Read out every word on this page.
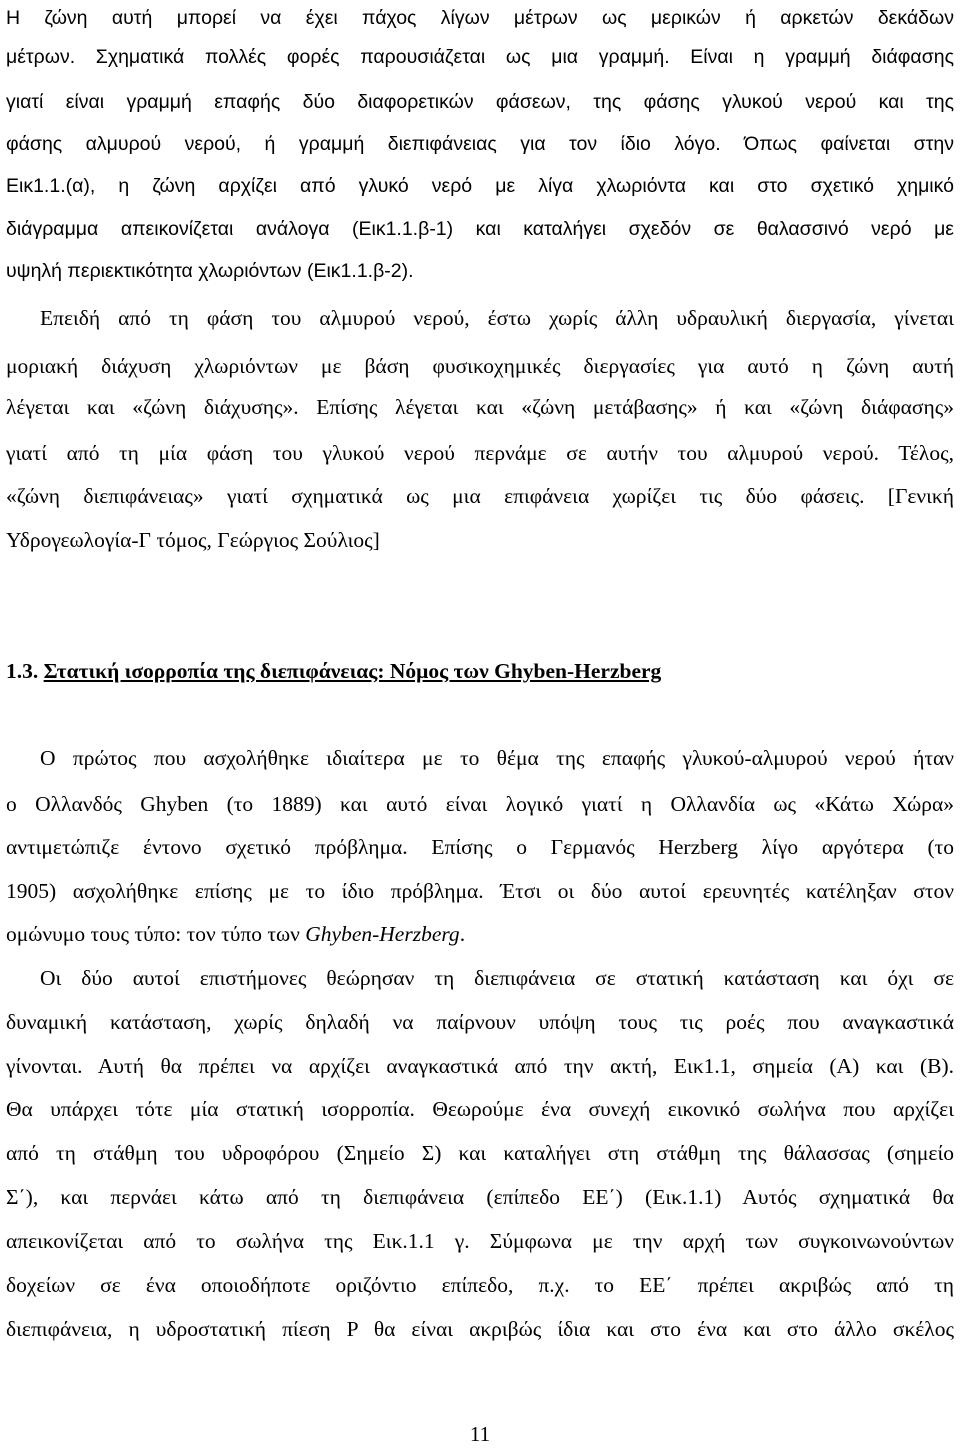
Η ζώνη αυτή μπορεί να έχει πάχος λίγων μέτρων ως μερικών ή αρκετών δεκάδων
μέτρων. Σχηματικά πολλές φορές παρουσιάζεται ως μια γραμμή. Είναι η γραμμή διάφασης
γιατί είναι γραμμή επαφής δύο διαφορετικών φάσεων, της φάσης γλυκού νερού και της
φάσης αλμυρού νερού, ή γραμμή διεπιφάνειας για τον ίδιο λόγο. Όπως φαίνεται στην
Εικ1.1.(α), η ζώνη αρχίζει από γλυκό νερό με λίγα χλωριόντα και στο σχετικό χημικό
διάγραμμα απεικονίζεται ανάλογα (Εικ1.1.β-1) και καταλήγει σχεδόν σε θαλασσινό νερό με
υψηλή περιεκτικότητα χλωριόντων (Εικ1.1.β-2).
Επειδή από τη φάση του αλμυρού νερού, έστω χωρίς άλλη υδραυλική διεργασία, γίνεται
μοριακή διάχυση χλωριόντων με βάση φυσικοχημικές διεργασίες για αυτό η ζώνη αυτή
λέγεται και «ζώνη διάχυσης». Επίσης λέγεται και «ζώνη μετάβασης» ή και «ζώνη διάφασης»
γιατί από τη μία φάση του γλυκού νερού περνάμε σε αυτήν του αλμυρού νερού. Τέλος,
«ζώνη διεπιφάνειας» γιατί σχηματικά ως μια επιφάνεια χωρίζει τις δύο φάσεις. [Γενική
Υδρογεωλογία-Γ τόμος, Γεώργιος Σούλιος]
1.3. Στατική ισορροπία της διεπιφάνειας: Νόμος των Ghyben-Herzberg
Ο πρώτος που ασχολήθηκε ιδιαίτερα με το θέμα της επαφής γλυκού-αλμυρού νερού ήταν
ο Ολλανδός Ghyben (το 1889) και αυτό είναι λογικό γιατί η Ολλανδία ως «Κάτω Χώρα»
αντιμετώπιζε έντονο σχετικό πρόβλημα. Επίσης ο Γερμανός Herzberg λίγο αργότερα (το
1905) ασχολήθηκε επίσης με το ίδιο πρόβλημα. Έτσι οι δύο αυτοί ερευνητές κατέληξαν στον
ομώνυμο τους τύπο: τον τύπο των Ghyben-Herzberg.
Οι δύο αυτοί επιστήμονες θεώρησαν τη διεπιφάνεια σε στατική κατάσταση και όχι σε
δυναμική κατάσταση, χωρίς δηλαδή να παίρνουν υπόψη τους τις ροές που αναγκαστικά
γίνονται. Αυτή θα πρέπει να αρχίζει αναγκαστικά από την ακτή, Εικ1.1, σημεία (Α) και (Β).
Θα υπάρχει τότε μία στατική ισορροπία. Θεωρούμε ένα συνεχή εικονικό σωλήνα που αρχίζει
από τη στάθμη του υδροφόρου (Σημείο Σ) και καταλήγει στη στάθμη της θάλασσας (σημείο
Σ΄), και περνάει κάτω από τη διεπιφάνεια (επίπεδο ΕΕ΄) (Εικ.1.1) Αυτός σχηματικά θα
απεικονίζεται από το σωλήνα της Εικ.1.1 γ. Σύμφωνα με την αρχή των συγκοινωνούντων
δοχείων σε ένα οποιοδήποτε οριζόντιο επίπεδο, π.χ. το ΕΕ΄ πρέπει ακριβώς από τη
διεπιφάνεια, η υδροστατική πίεση P θα είναι ακριβώς ίδια και στο ένα και στο άλλο σκέλος
11
